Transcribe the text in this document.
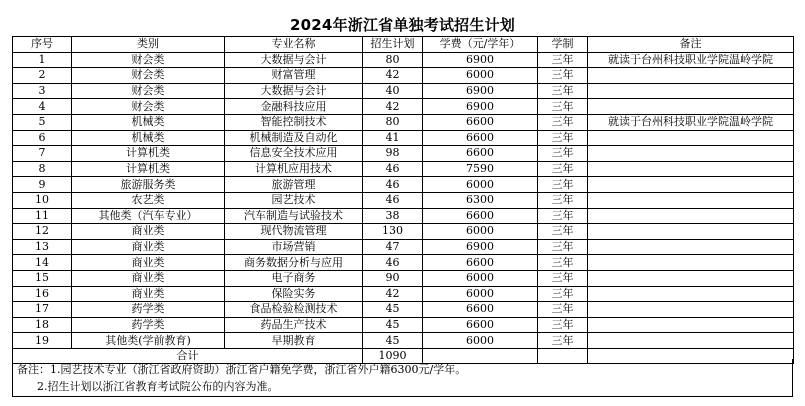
2024年浙江省单独考试招生计划
序号	类别	专业名称	招生计划	学费（元/学年）	学制	备注
1	财会类	大数据与会计	80	6900	三年	就读于台州科技职业学院温岭学院
2	财会类	财富管理	42	6000	三年	
3	财会类	大数据与会计	40	6900	三年	
4	财会类	金融科技应用	42	6900	三年	
5	机械类	智能控制技术	80	6600	三年	就读于台州科技职业学院温岭学院
6	机械类	机械制造及自动化	41	6600	三年	
7	计算机类	信息安全技术应用	98	6600	三年	
8	计算机类	计算机应用技术	46	7590	三年	
9	旅游服务类	旅游管理	46	6000	三年	
10	农艺类	园艺技术	46	6300	三年	
11	其他类（汽车专业）	汽车制造与试验技术	38	6600	三年	
12	商业类	现代物流管理	130	6000	三年	
13	商业类	市场营销	47	6900	三年	
14	商业类	商务数据分析与应用	46	6600	三年	
15	商业类	电子商务	90	6000	三年	
16	商业类	保险实务	42	6000	三年	
17	药学类	食品检验检测技术	45	6600	三年	
18	药学类	药品生产技术	45	6600	三年	
19	其他类(学前教育)	早期教育	45	6000	三年	
合计			1090			
备注：1.园艺技术专业（浙江省政府资助）浙江省户籍免学费，浙江省外户籍6300元/学年。
2.招生计划以浙江省教育考试院公布的内容为准。
